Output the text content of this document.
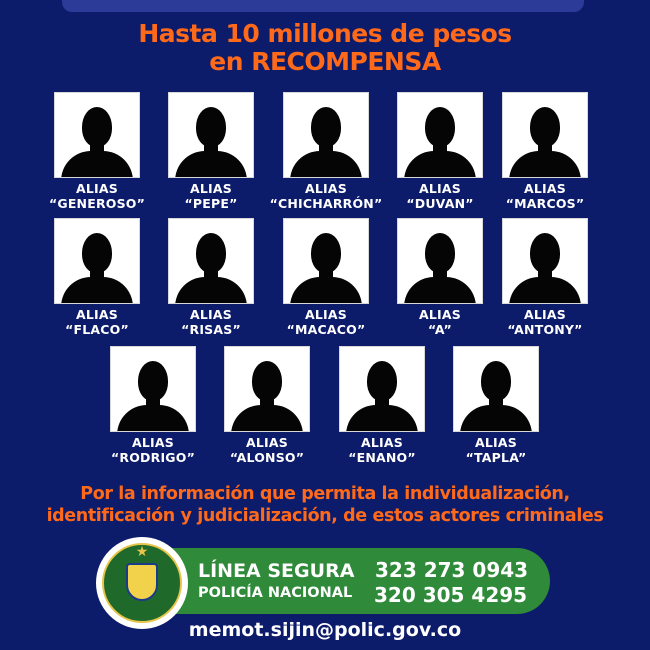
Hasta 10 millones de pesos
en RECOMPENSA
ALIAS
“GENEROSO”
ALIAS
“PEPE”
ALIAS
“CHICHARRÓN”
ALIAS
“DUVAN”
ALIAS
“MARCOS”
ALIAS
“FLACO”
ALIAS
“RISAS”
ALIAS
“MACACO”
ALIAS
“A”
ALIAS
“ANTONY”
ALIAS
“RODRIGO”
ALIAS
“ALONSO”
ALIAS
“ENANO”
ALIAS
“TAPLA”
Por la información que permita la individualización,
identificación y judicialización, de estos actores criminales
LÍNEA SEGURA
POLICÍA NACIONAL
323 273 0943
320 305 4295
★
memot.sijin@polic.gov.co
